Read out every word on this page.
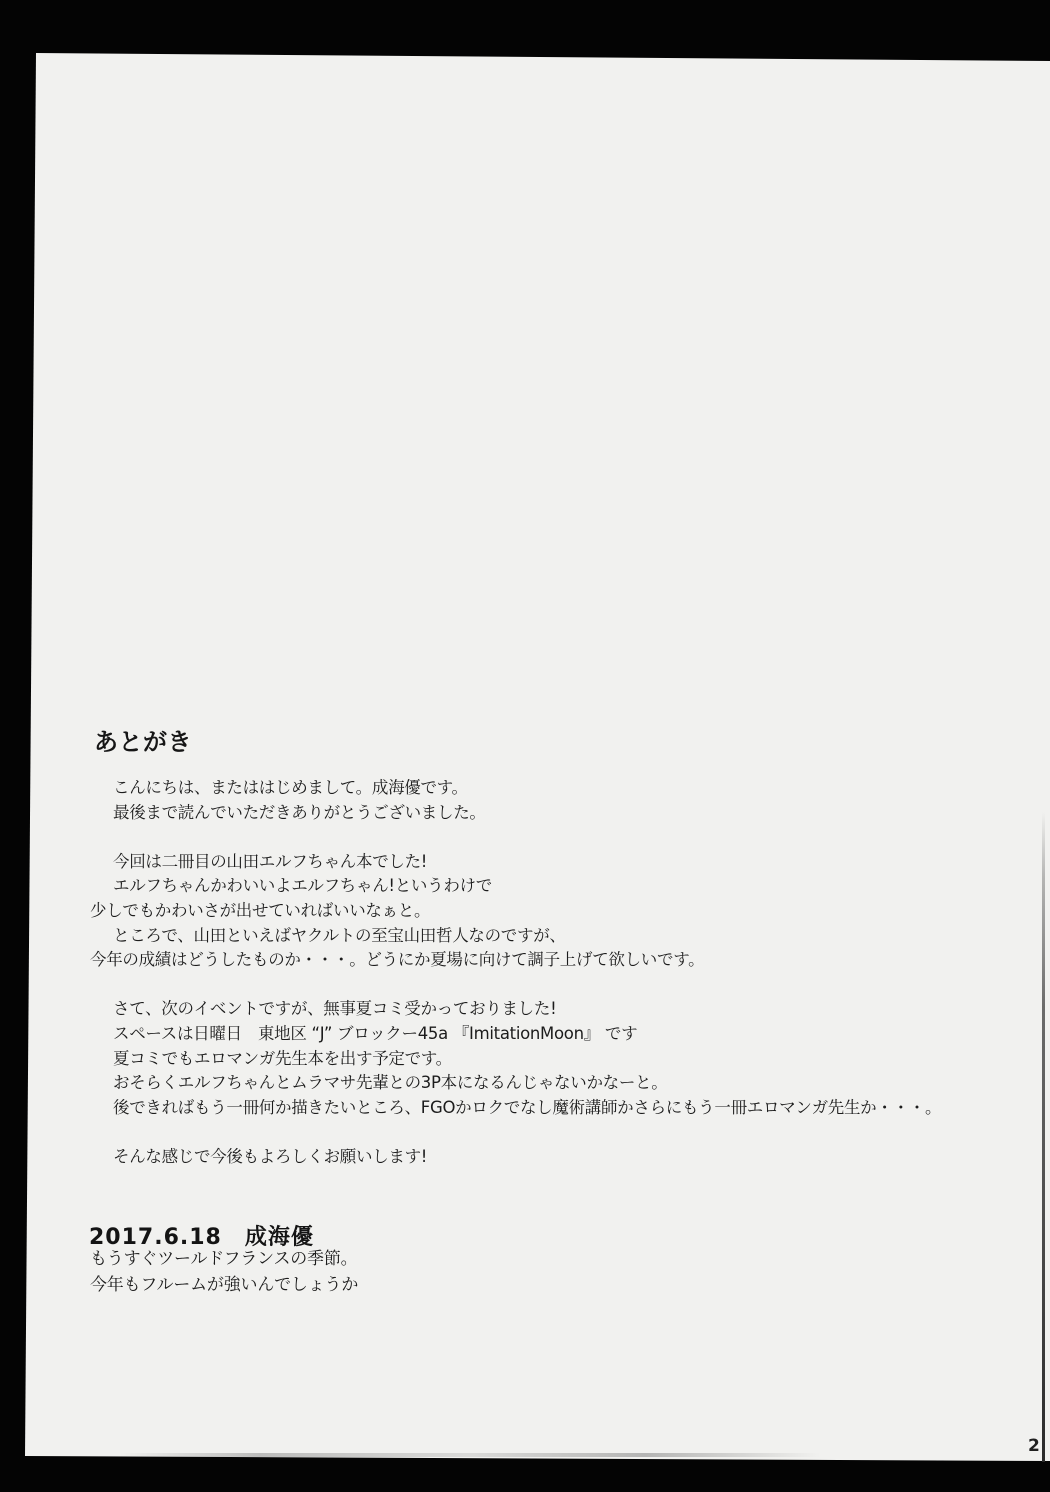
あとがき
こんにちは、またははじめまして。成海優です。
最後まで読んでいただきありがとうございました。

今回は二冊目の山田エルフちゃん本でした!
エルフちゃんかわいいよエルフちゃん!というわけで
少しでもかわいさが出せていればいいなぁと。
ところで、山田といえばヤクルトの至宝山田哲人なのですが、
今年の成績はどうしたものか・・・。どうにか夏場に向けて調子上げて欲しいです。

さて、次のイベントですが、無事夏コミ受かっておりました!
スペースは日曜日　東地区 “J” ブロックー45a 『ImitationMoon』 です
夏コミでもエロマンガ先生本を出す予定です。
おそらくエルフちゃんとムラマサ先輩との3P本になるんじゃないかなーと。
後できればもう一冊何か描きたいところ、FGOかロクでなし魔術講師かさらにもう一冊エロマンガ先生か・・・。

そんな感じで今後もよろしくお願いします!
2017.6.18　成海優
もうすぐツールドフランスの季節。
今年もフルームが強いんでしょうか
2
